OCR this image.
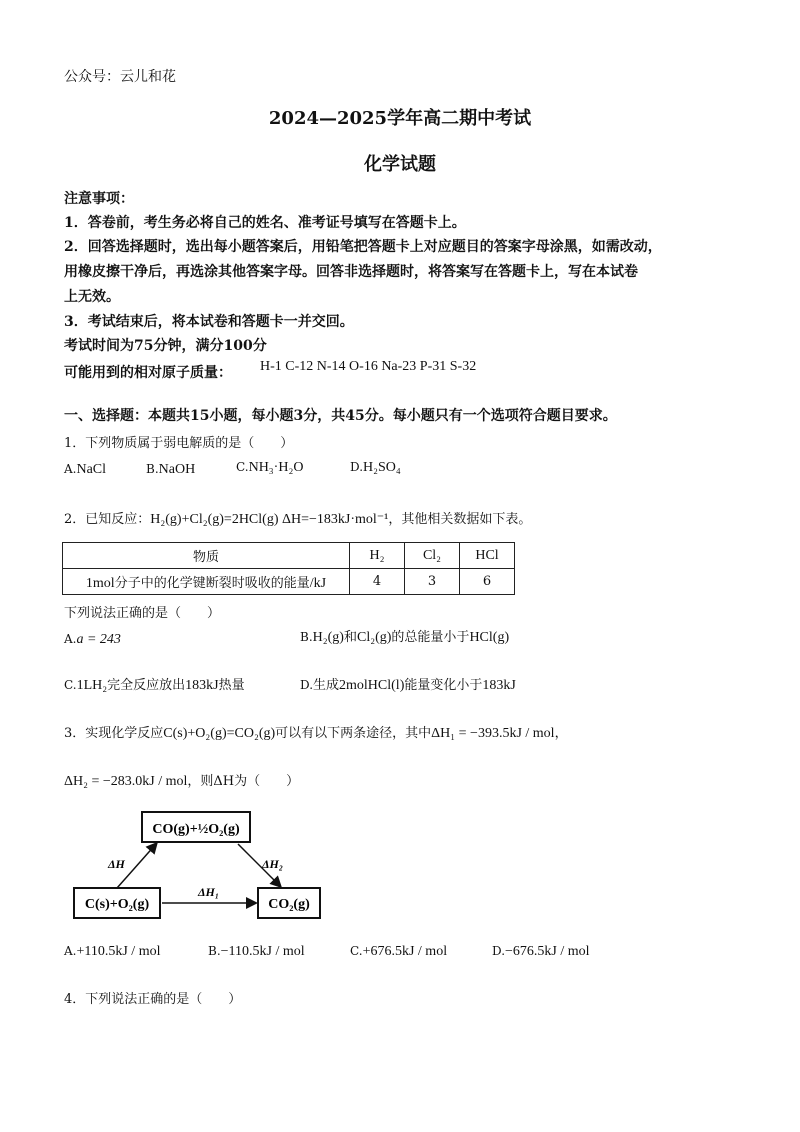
公众号：云儿和花
2024—2025学年高二期中考试
化学试题
注意事项：
1．答卷前，考生务必将自己的姓名、准考证号填写在答题卡上。
2．回答选择题时，选出每小题答案后，用铅笔把答题卡上对应题目的答案字母涂黑，如需改动，
用橡皮擦干净后，再选涂其他答案字母。回答非选择题时，将答案写在答题卡上，写在本试卷
上无效。
3．考试结束后，将本试卷和答题卡一并交回。
考试时间为75分钟，满分100分
可能用到的相对原子质量： H-1 C-12 N-14 O-16 Na-23 P-31 S-32
一、选择题：本题共15小题，每小题3分，共45分。每小题只有一个选项符合题目要求。
1．下列物质属于弱电解质的是（　　）
A.NaCl	B.NaOH	C.NH₃·H₂O	D.H₂SO₄
2．已知反应：H₂(g)+Cl₂(g)=2HCl(g) ΔH=−183kJ·mol⁻¹，其他相关数据如下表。
物质	H₂	Cl₂	HCl
1mol分子中的化学键断裂时吸收的能量/kJ	4	3	6
下列说法正确的是（　　）
A.a = 243	B.H₂(g)和Cl₂(g)的总能量小于HCl(g)
C.1LH₂完全反应放出183kJ热量	D.生成2molHCl(l)能量变化小于183kJ
3．实现化学反应C(s)+O₂(g)=CO₂(g)可以有以下两条途径，其中ΔH₁ = −393.5kJ / mol，
ΔH₂ = −283.0kJ / mol，则ΔH为（　　）
CO(g)+½O₂(g)
C(s)+O₂(g)	CO₂(g)
ΔH	ΔH₂
ΔH₁
A.+110.5kJ / mol	B.−110.5kJ / mol	C.+676.5kJ / mol	D.−676.5kJ / mol
4．下列说法正确的是（　　）
